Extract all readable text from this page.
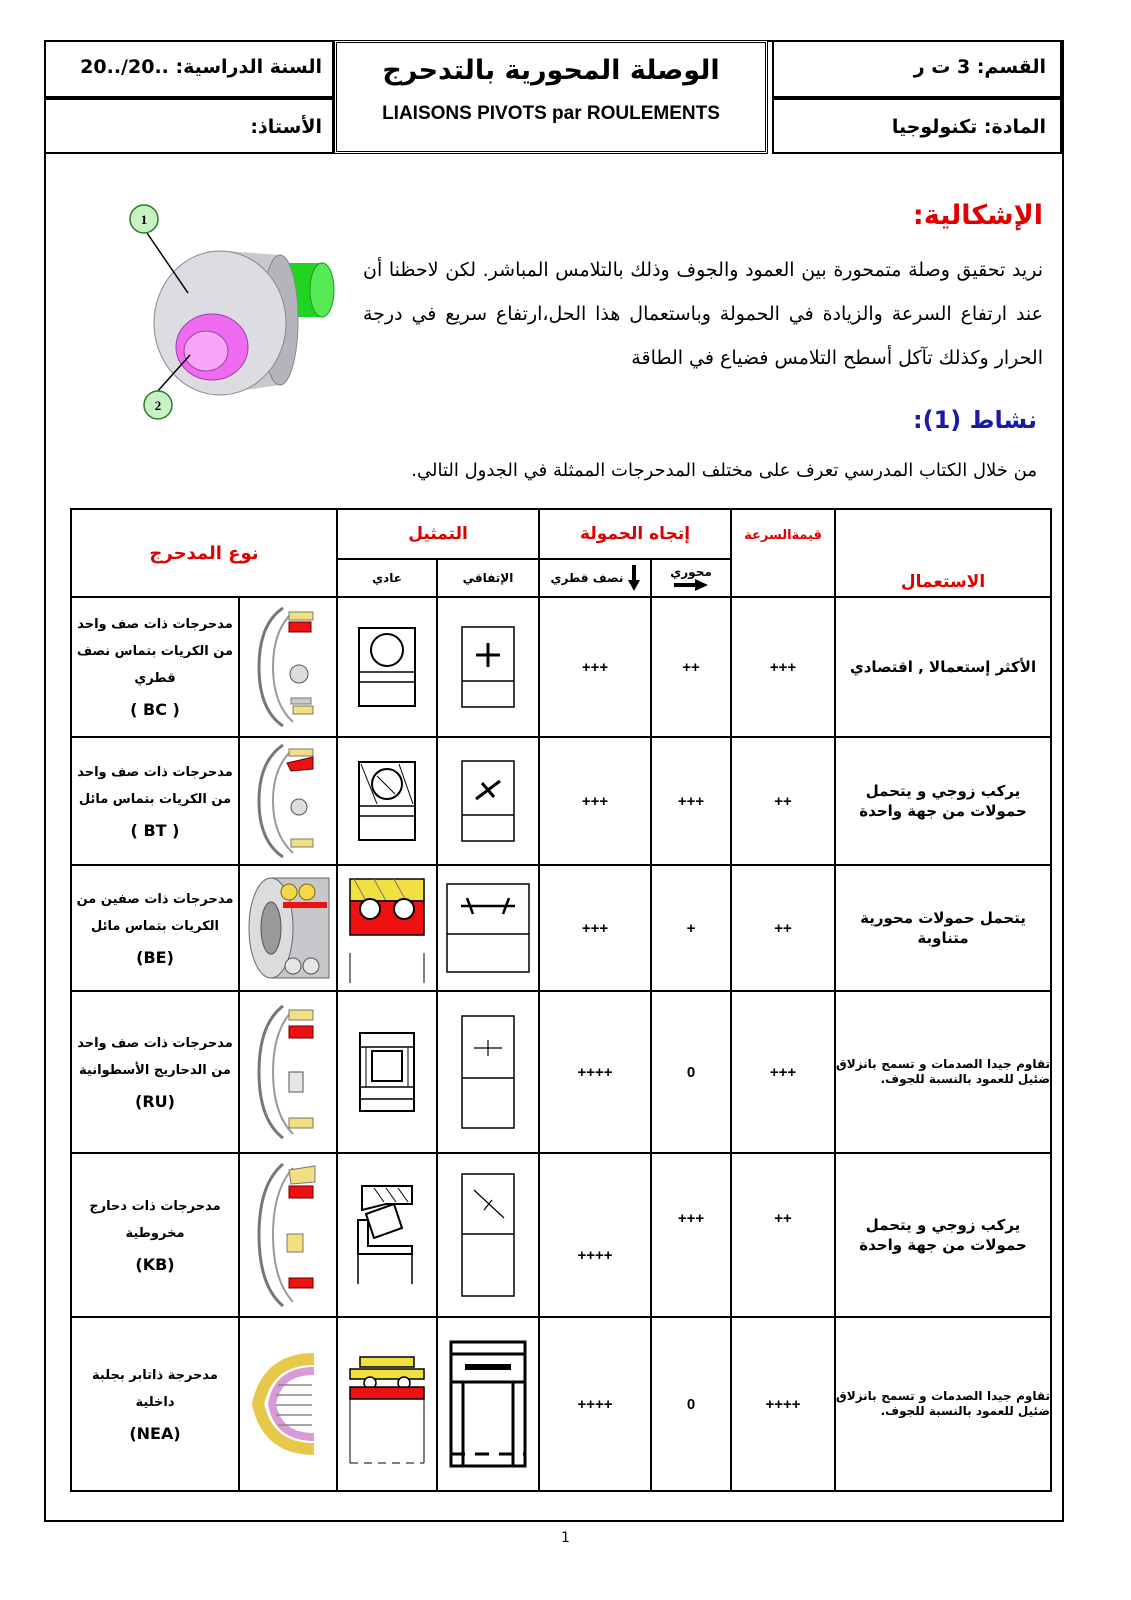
السنة الدراسية: ..20/..20
الأستاذ:
الوصلة المحورية بالتدحرج
LIAISONS PIVOTS par ROULEMENTS
القسم: 3 ت ر
المادة: تكنولوجيا
1
2
الإشكالية:
نريد تحقيق وصلة متمحورة بين العمود والجوف وذلك بالتلامس المباشر. لكن لاحظنا أن عند ارتفاع السرعة والزيادة في الحمولة وباستعمال هذا الحل،ارتفاع سريع في درجة الحرار وكذلك تآكل أسطح التلامس فضياع في الطاقة
نشاط (1):
من خلال الكتاب المدرسي تعرف على مختلف المدحرجات الممثلة في الجدول التالي.
نوع المدحرج		التمثيل		إتجاه الحمولة		قيمةالسرعة	الاستعمال
		عادي	الإتفاقي	نصف قطري	محوري		

مدحرجات ذات صف واحد من الكريات بتماس نصف قطري
( BC )				+++	++	+++	الأكثر إستعمالا , اقتصادي
مدحرجات ذات صف واحد من الكريات بتماس مائل
( BT )				+++	+++	++	يركب زوجي و يتحمل حمولات من جهة واحدة
مدحرجات ذات صفين من الكريات بتماس مائل
(BE)				+++	+	++	يتحمل حمولات محورية متناوبة
مدحرجات ذات صف واحد من الدحاريج الأسطوانية
(RU)				++++	0	+++	تقاوم جيدا الصدمات و تسمح بانزلاق ضئيل للعمود بالنسبة للجوف.
مدحرجات ذات دحارج مخروطية
(KB)				++++	+++	++	يركب زوجي و يتحمل حمولات من جهة واحدة
مدحرجة ذاتابر بجلبة داخلية
(NEA)				++++	0	++++	تقاوم جيدا الصدمات و تسمح بانزلاق ضئيل للعمود بالنسبة للجوف.
1
